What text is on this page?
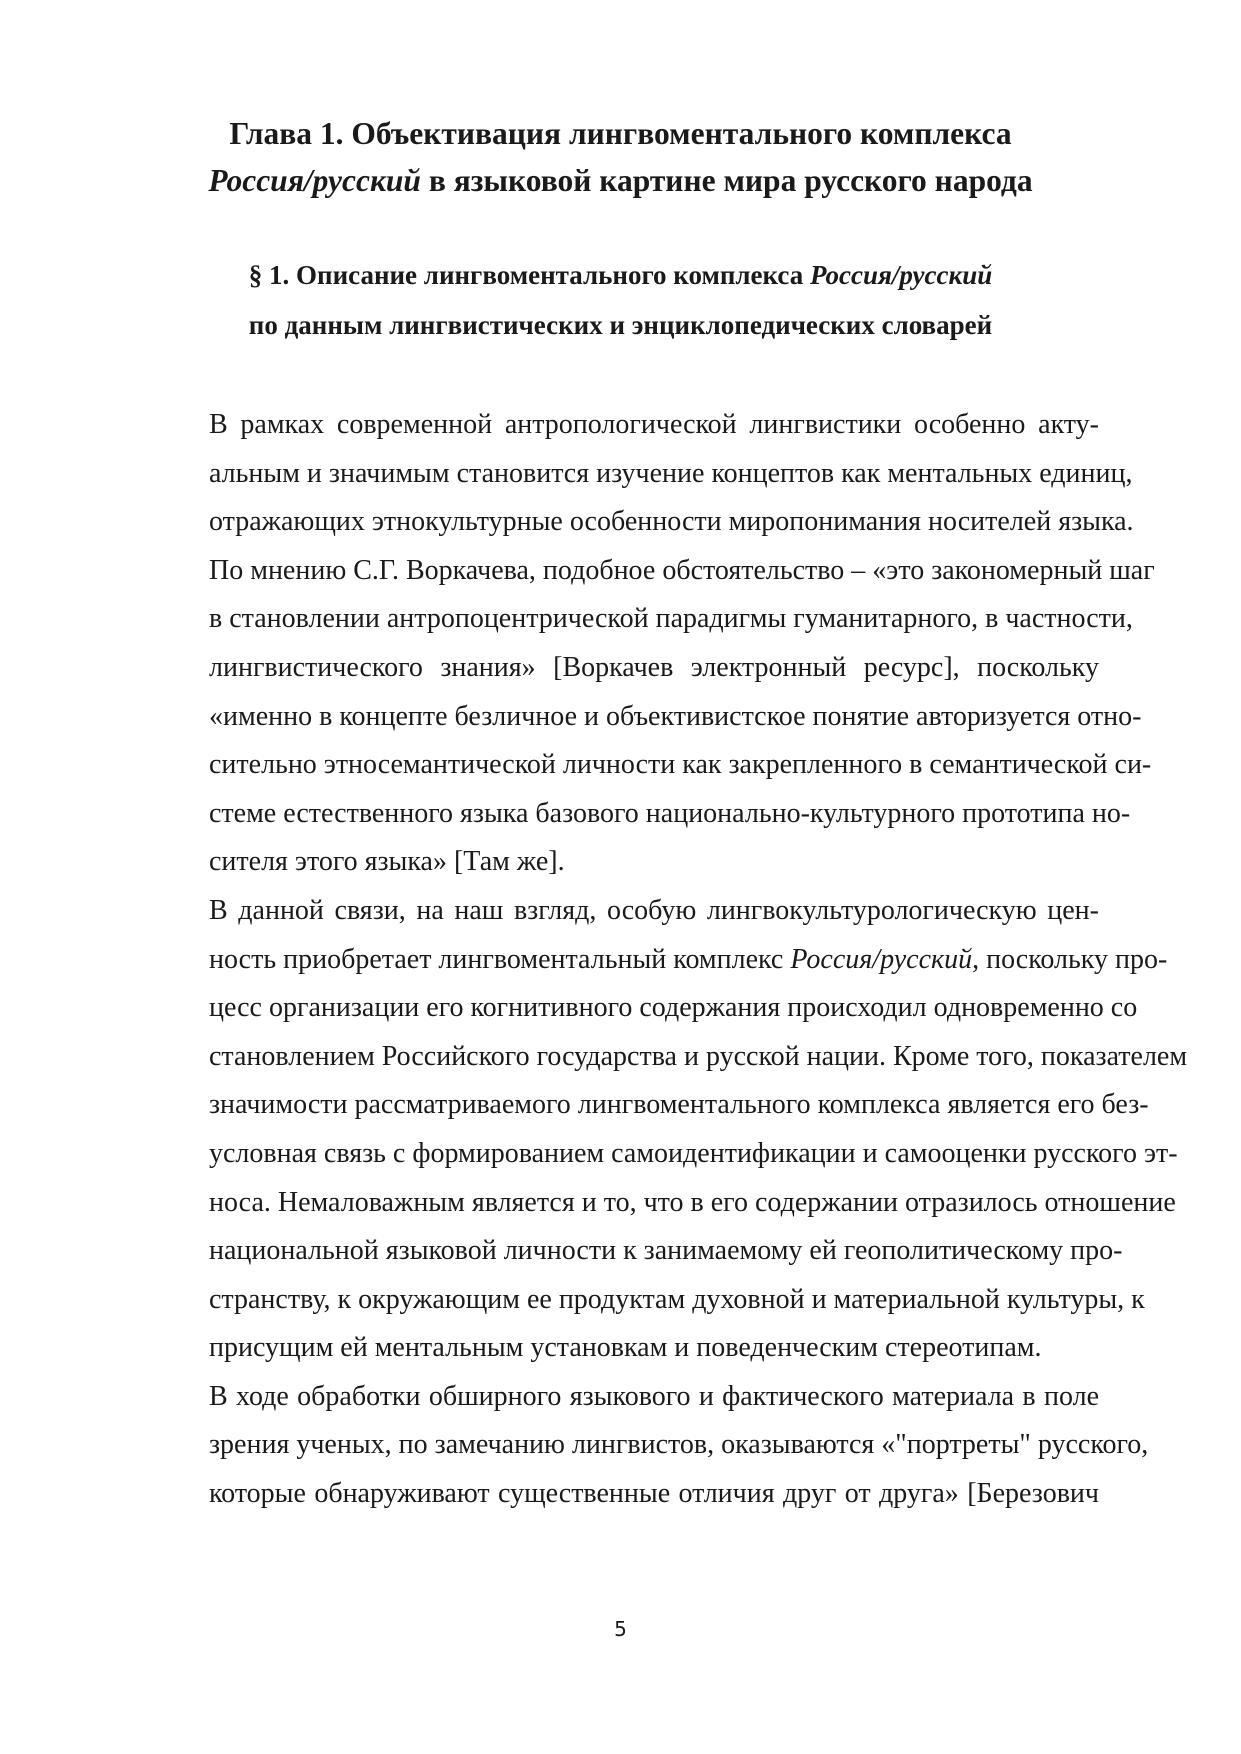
Глава 1. Объективация лингвоментального комплекса
Россия/русский в языковой картине мира русского народа
§ 1. Описание лингвоментального комплекса Россия/русский
по данным лингвистических и энциклопедических словарей

В рамках современной антропологической лингвистики особенно акту-
альным и значимым становится изучение концептов как ментальных единиц,
отражающих этнокультурные особенности миропонимания носителей языка.
По мнению С.Г. Воркачева, подобное обстоятельство – «это закономерный шаг
в становлении антропоцентрической парадигмы гуманитарного, в частности,
лингвистического знания» [Воркачев электронный ресурс], поскольку
«именно в концепте безличное и объективистское понятие авторизуется отно-
сительно этносемантической личности как закрепленного в семантической си-
стеме естественного языка базового национально-культурного прототипа но-
сителя этого языка» [Там же].

В данной связи, на наш взгляд, особую лингвокультурологическую цен-
ность приобретает лингвоментальный комплекс Россия/русский, поскольку про-
цесс организации его когнитивного содержания происходил одновременно со
становлением Российского государства и русской нации. Кроме того, показателем
значимости рассматриваемого лингвоментального комплекса является его без-
условная связь с формированием самоидентификации и самооценки русского эт-
носа. Немаловажным является и то, что в его содержании отразилось отношение
национальной языковой личности к занимаемому ей геополитическому про-
странству, к окружающим ее продуктам духовной и материальной культуры, к
присущим ей ментальным установкам и поведенческим стереотипам.

В ходе обработки обширного языкового и фактического материала в поле
зрения ученых, по замечанию лингвистов, оказываются «"портреты" русского,
которые обнаруживают существенные отличия друг от друга» [Березович

5
